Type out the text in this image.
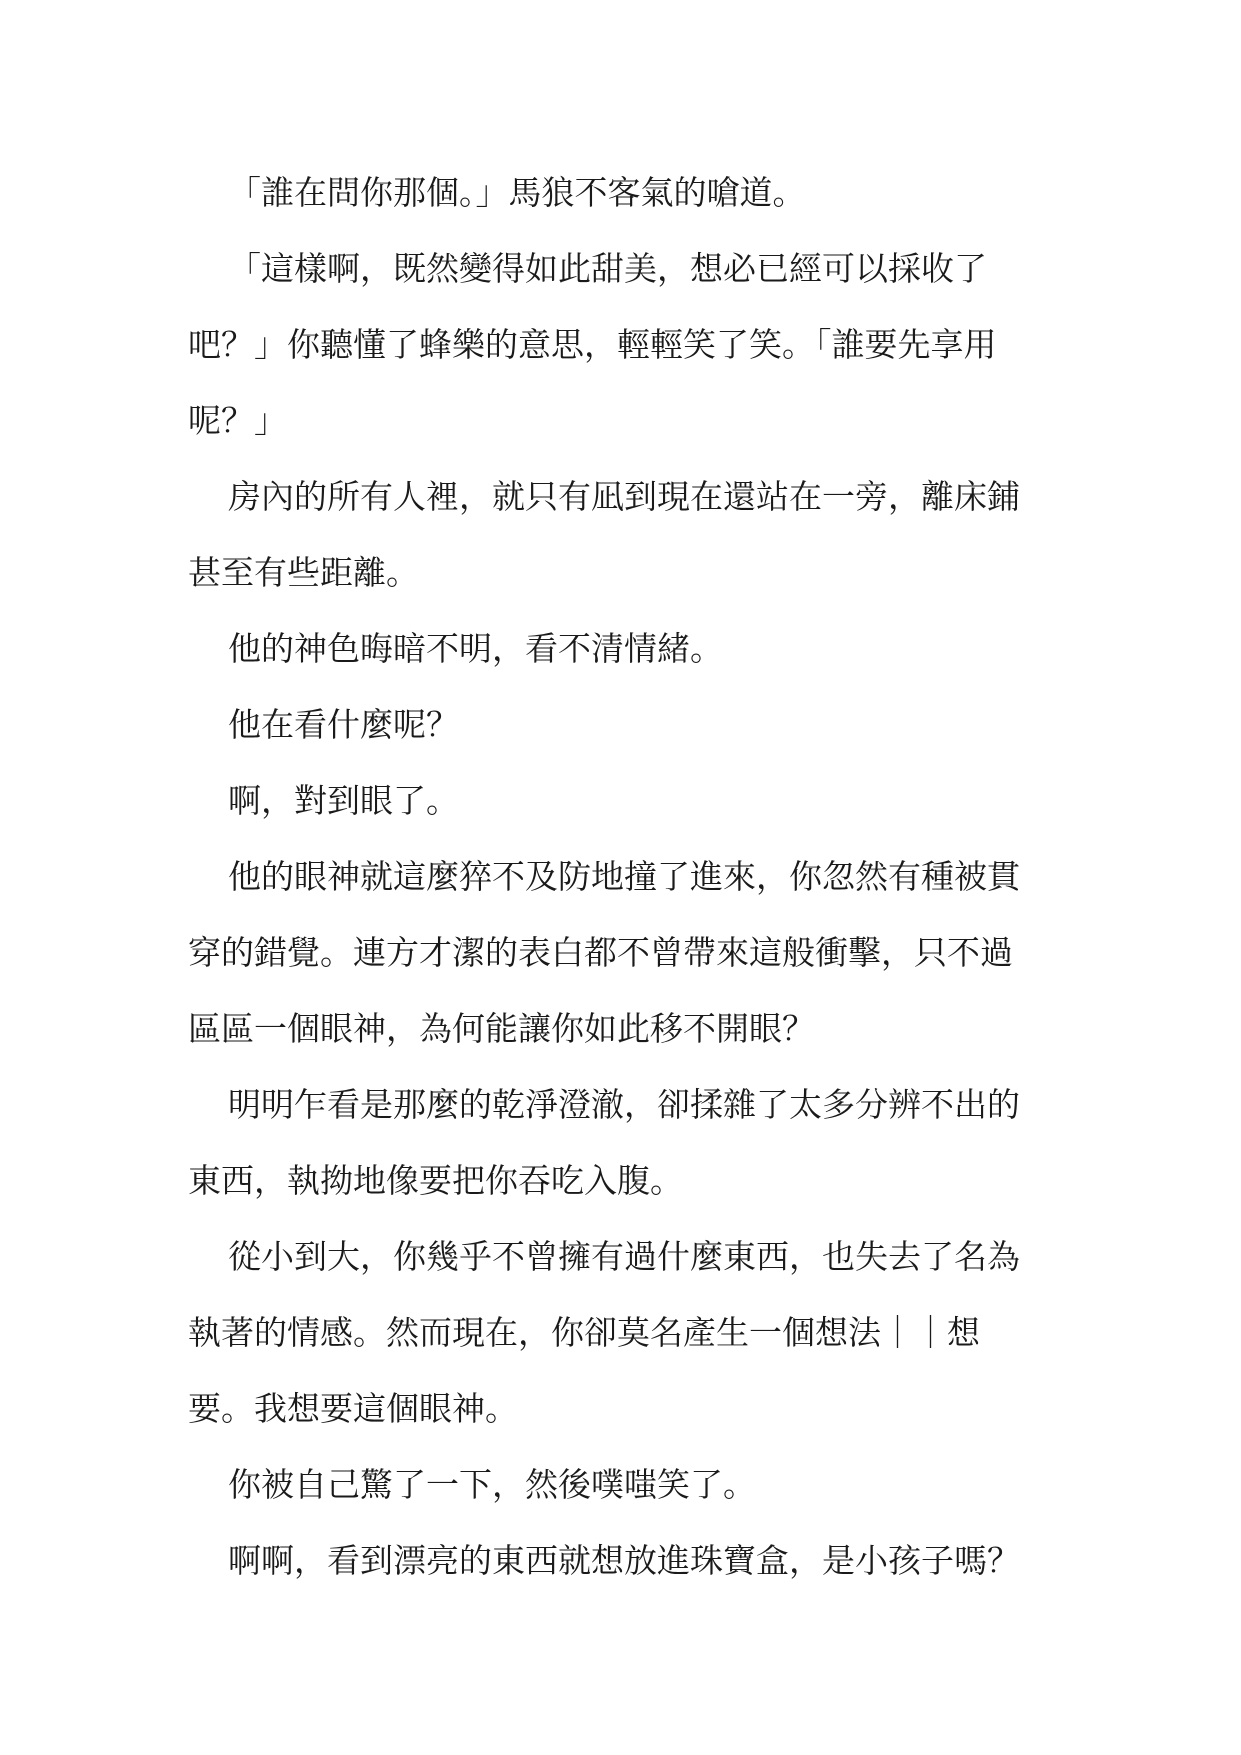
「誰在問你那個。」馬狼不客氣的嗆道。

「這樣啊，既然變得如此甜美，想必已經可以採收了
吧？」你聽懂了蜂樂的意思，輕輕笑了笑。「誰要先享用
呢？」

房內的所有人裡，就只有凪到現在還站在一旁，離床鋪
甚至有些距離。

他的神色晦暗不明，看不清情緒。

他在看什麼呢？

啊，對到眼了。

他的眼神就這麼猝不及防地撞了進來，你忽然有種被貫
穿的錯覺。連方才潔的表白都不曾帶來這般衝擊，只不過
區區一個眼神，為何能讓你如此移不開眼？

明明乍看是那麼的乾淨澄澈，卻揉雜了太多分辨不出的
東西，執拗地像要把你吞吃入腹。

從小到大，你幾乎不曾擁有過什麼東西，也失去了名為
執著的情感。然而現在，你卻莫名產生一個想法｜｜想
要。我想要這個眼神。

你被自己驚了一下，然後噗嗤笑了。

啊啊，看到漂亮的東西就想放進珠寶盒，是小孩子嗎？
